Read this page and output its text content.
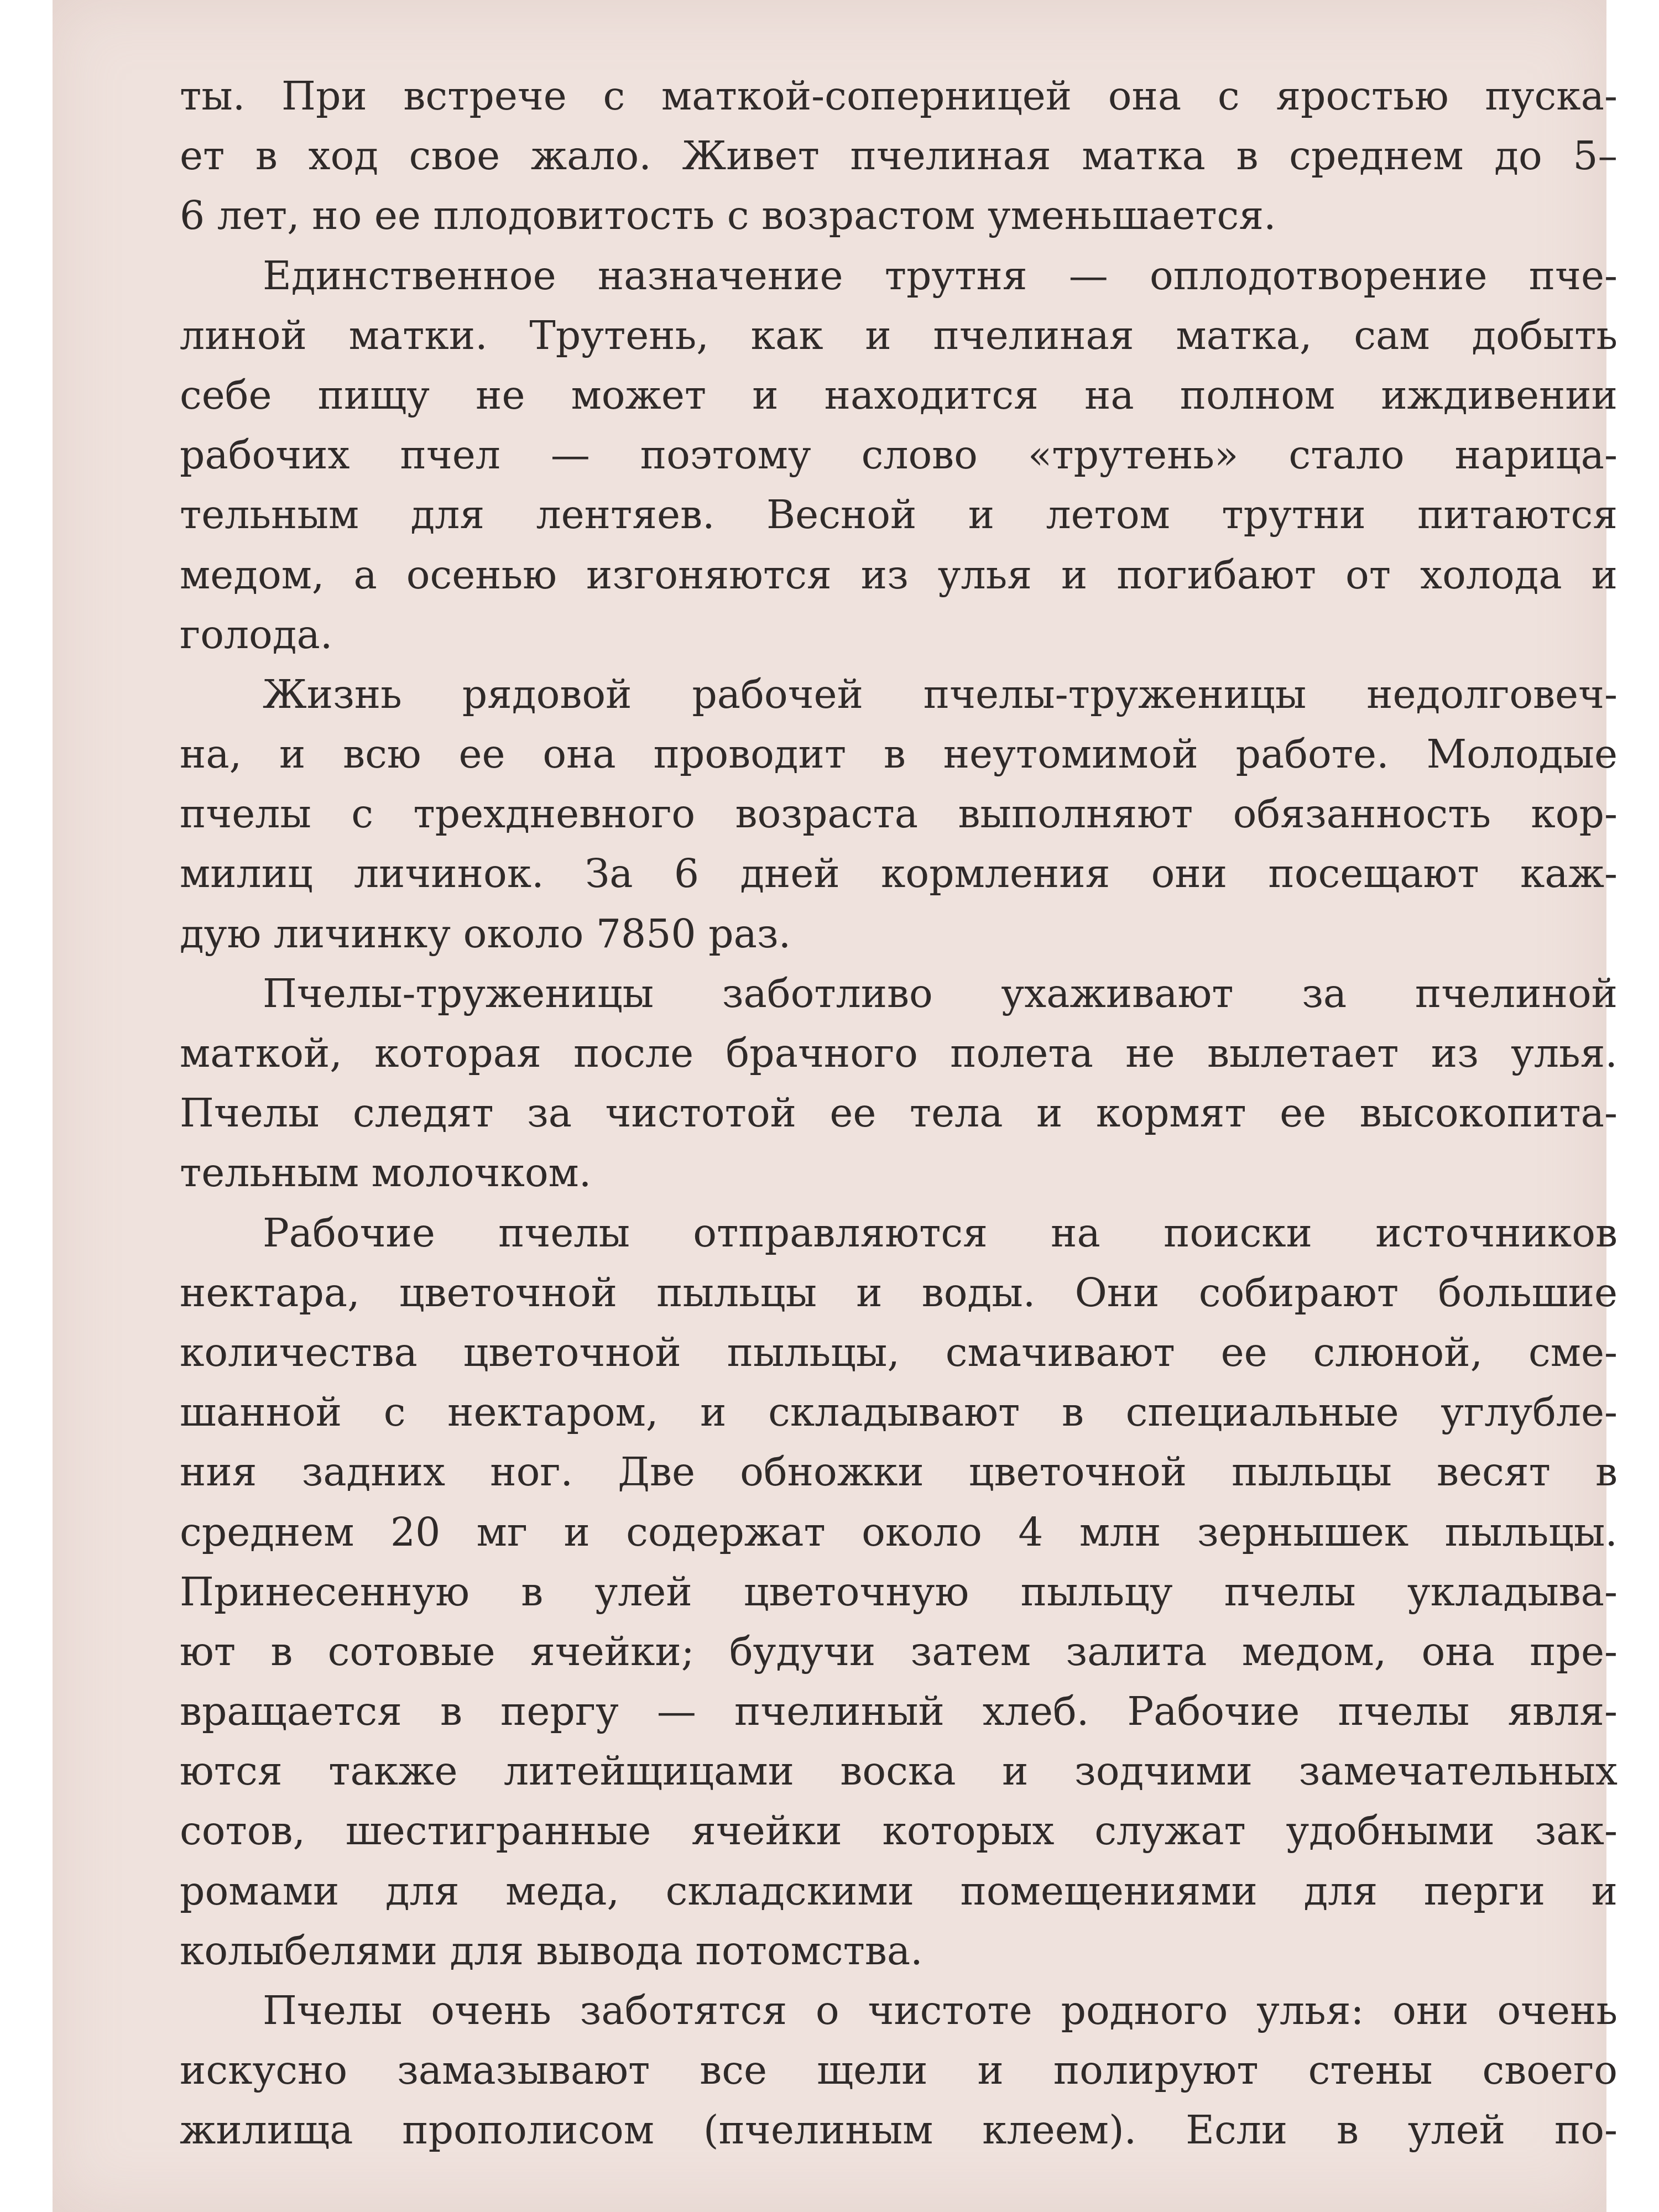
ты. При встрече с маткой-соперницей она с яростью пуска-
ет в ход свое жало. Живет пчелиная матка в среднем до 5–
6 лет, но ее плодовитость с возрастом уменьшается.
Единственное назначение трутня — оплодотворение пче-
линой матки. Трутень, как и пчелиная матка, сам добыть
себе пищу не может и находится на полном иждивении
рабочих пчел — поэтому слово «трутень» стало нарица-
тельным для лентяев. Весной и летом трутни питаются
медом, а осенью изгоняются из улья и погибают от холода и
голода.
Жизнь рядовой рабочей пчелы-труженицы недолговеч-
на, и всю ее она проводит в неутомимой работе. Молодые
пчелы с трехдневного возраста выполняют обязанность кор-
милиц личинок. За 6 дней кормления они посещают каж-
дую личинку около 7850 раз.
Пчелы-труженицы заботливо ухаживают за пчелиной
маткой, которая после брачного полета не вылетает из улья.
Пчелы следят за чистотой ее тела и кормят ее высокопита-
тельным молочком.
Рабочие пчелы отправляются на поиски источников
нектара, цветочной пыльцы и воды. Они собирают большие
количества цветочной пыльцы, смачивают ее слюной, сме-
шанной с нектаром, и складывают в специальные углубле-
ния задних ног. Две обножки цветочной пыльцы весят в
среднем 20 мг и содержат около 4 млн зернышек пыльцы.
Принесенную в улей цветочную пыльцу пчелы укладыва-
ют в сотовые ячейки; будучи затем залита медом, она пре-
вращается в пергу — пчелиный хлеб. Рабочие пчелы явля-
ются также литейщицами воска и зодчими замечательных
сотов, шестигранные ячейки которых служат удобными зак-
ромами для меда, складскими помещениями для перги и
колыбелями для вывода потомства.
Пчелы очень заботятся о чистоте родного улья: они очень
искусно замазывают все щели и полируют стены своего
жилища прополисом (пчелиным клеем). Если в улей по-
